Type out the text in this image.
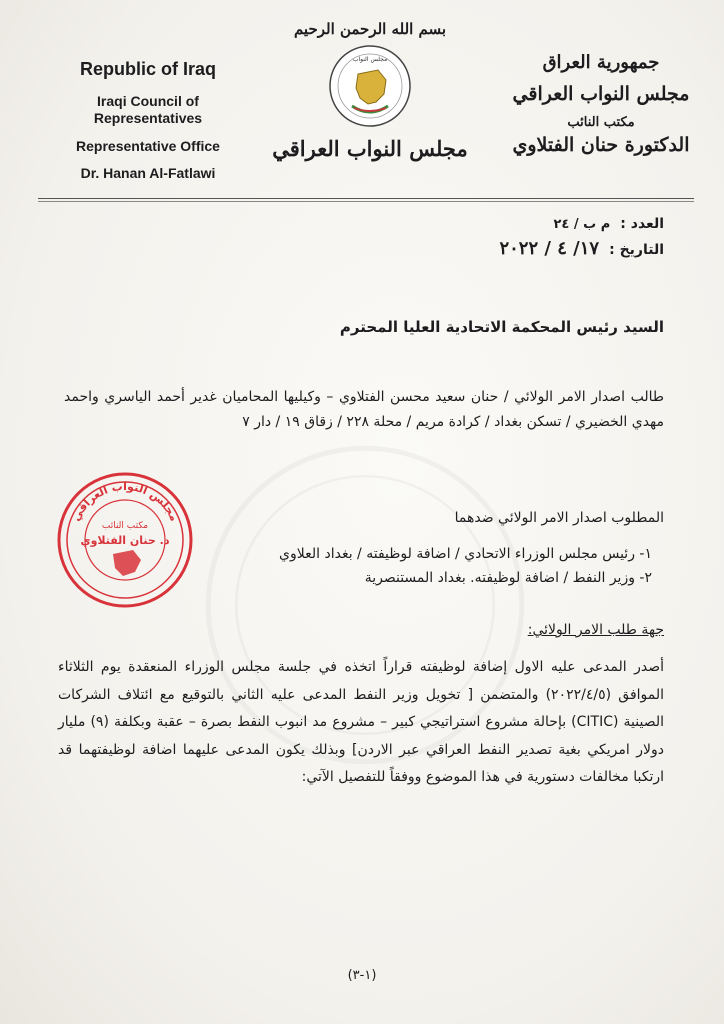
Republic of Iraq
Iraqi Council of Representatives
Representative Office
Dr. Hanan Al-Fatlawi
بسم الله الرحمن الرحيم
مجلس النواب
مجلس النواب العراقي
جمهورية العراق
مجلس النواب العراقي
مكتب النائب
الدكتورة حنان الفتلاوي
العدد :
م ب / ٢٤
التاريخ :
١٧/ ٤ / ٢٠٢٢
السيد رئيس المحكمة الاتحادية العليا المحترم
طالب اصدار الامر الولائي / حنان سعيد محسن الفتلاوي – وكيليها المحاميان غدير أحمد الياسري واحمد مهدي الخضيري / تسكن بغداد / كرادة مريم / محلة ٢٢٨ / زقاق ١٩ / دار ٧
المطلوب اصدار الامر الولائي ضدهما
١- رئيس مجلس الوزراء الاتحادي / اضافة لوظيفته / بغداد العلاوي
٢- وزير النفط / اضافة لوظيفته. بغداد المستنصرية
جهة طلب الامر الولائي:
أصدر المدعى عليه الاول إضافة لوظيفته قراراً اتخذه في جلسة مجلس الوزراء المنعقدة يوم الثلاثاء الموافق (٢٠٢٢/٤/٥) والمتضمن [ تخويل وزير النفط المدعى عليه الثاني بالتوقيع مع ائتلاف الشركات الصينية (CITIC) بإحالة مشروع استراتيجي كبير – مشروع مد انبوب النفط بصرة – عقبة وبكلفة (٩) مليار دولار امريكي بغية تصدير النفط العراقي عبر الاردن] وبذلك يكون المدعى عليهما اضافة لوظيفتهما قد ارتكبا مخالفات دستورية في هذا الموضوع ووفقاً للتفصيل الآتي:
مجلس النواب العراقي
مكتب النائب
د. حنان الفتلاوي
(١-٣)
